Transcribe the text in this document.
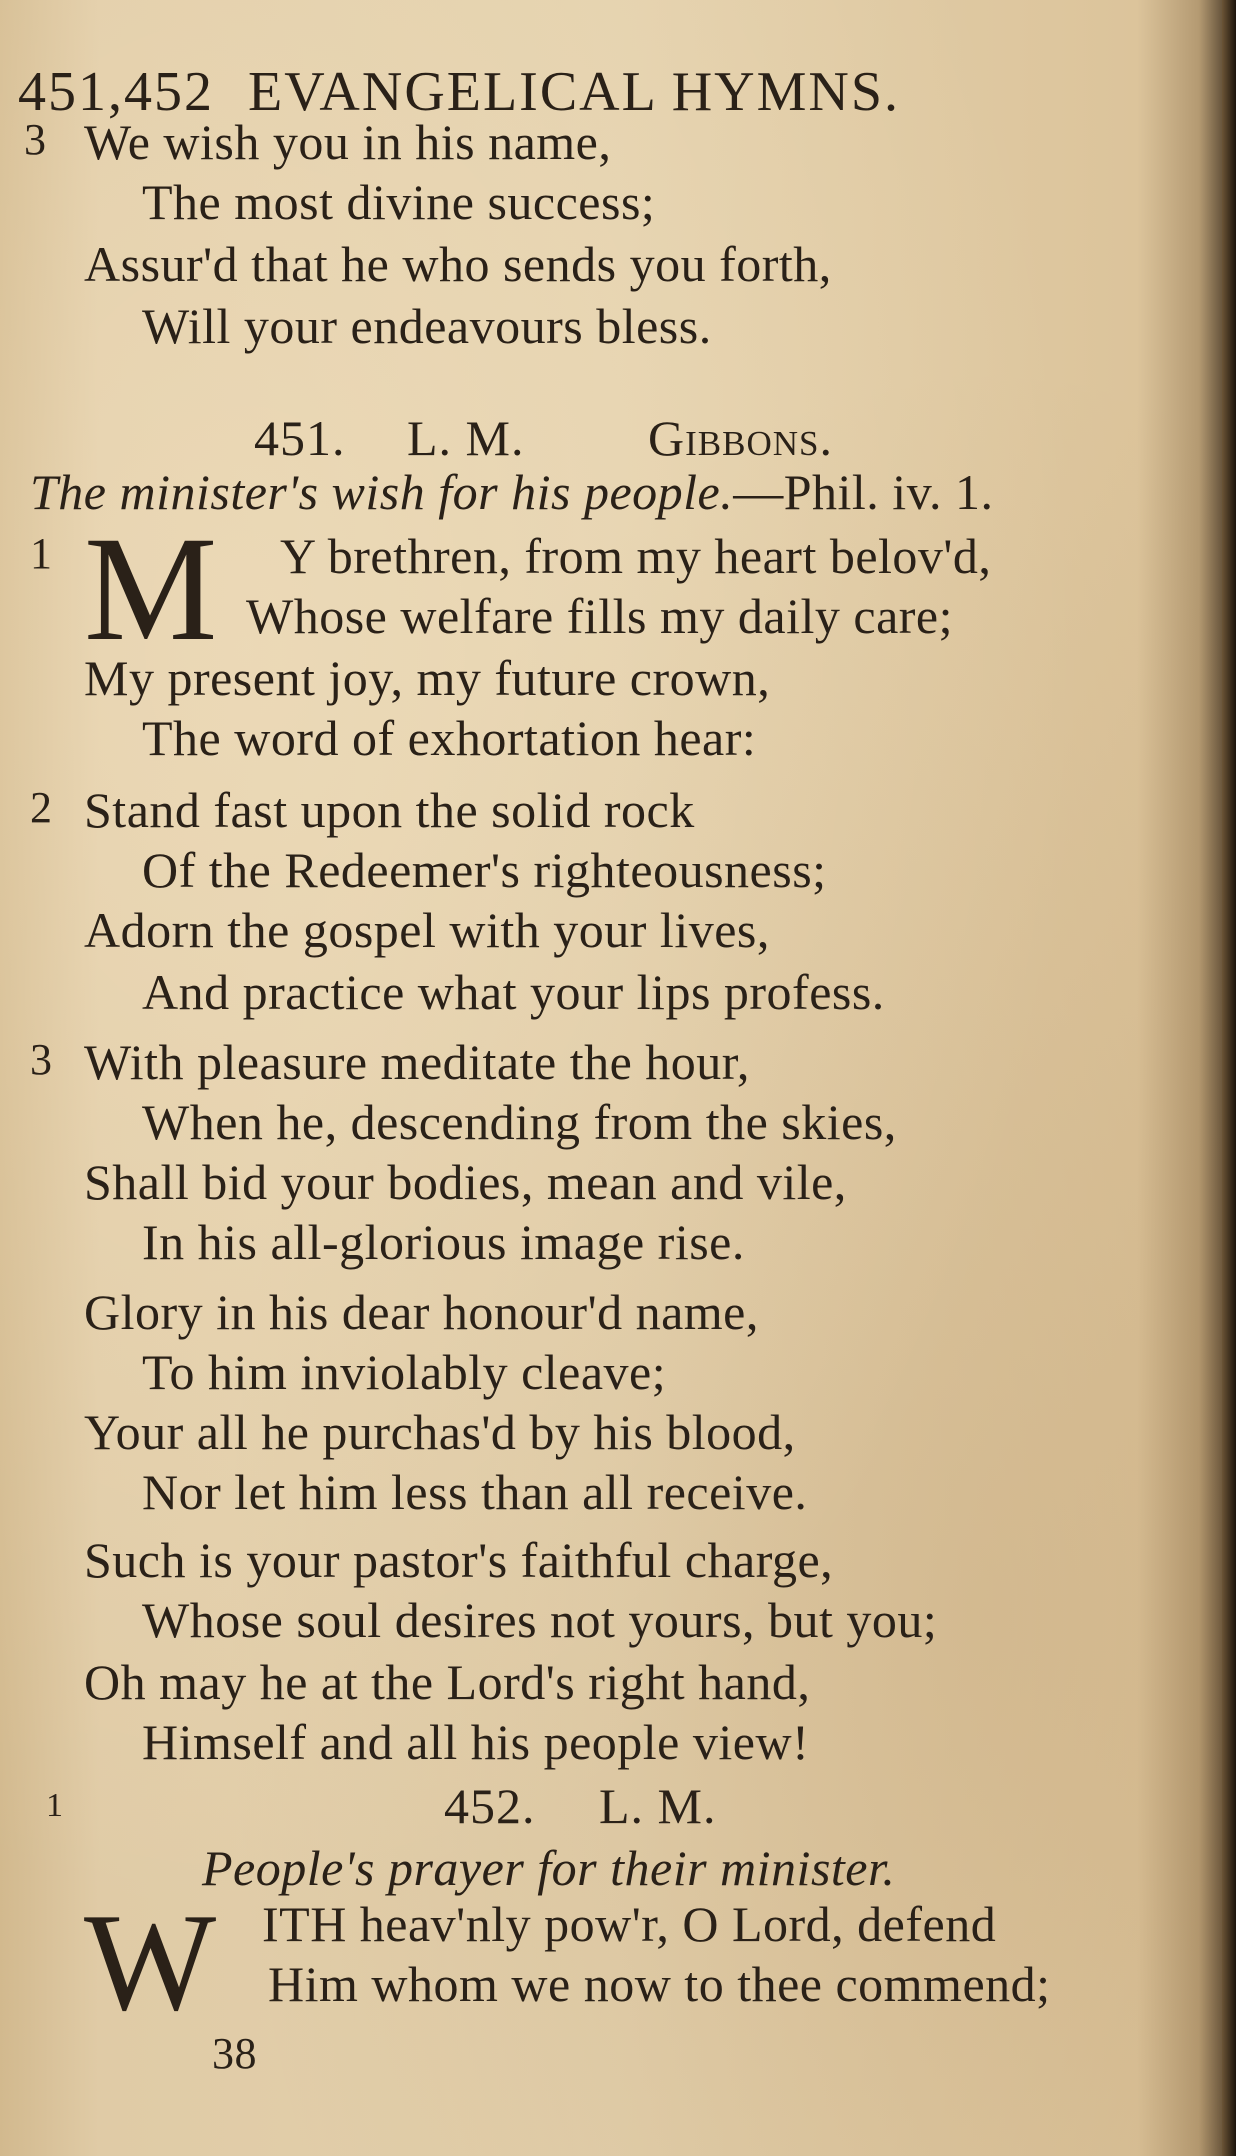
451,452 EVANGELICAL HYMNS.
3 We wish you in his name,
The most divine success;
Assur'd that he who sends you forth,
Will your endeavours bless.
451. L. M. Gibbons.
The minister's wish for his people.—Phil. iv. 1.
1 M Y brethren, from my heart belov'd,
Whose welfare fills my daily care;
My present joy, my future crown,
The word of exhortation hear:
2 Stand fast upon the solid rock
Of the Redeemer's righteousness;
Adorn the gospel with your lives,
And practice what your lips profess.
3 With pleasure meditate the hour,
When he, descending from the skies,
Shall bid your bodies, mean and vile,
In his all-glorious image rise.
Glory in his dear honour'd name,
To him inviolably cleave;
Your all he purchas'd by his blood,
Nor let him less than all receive.
Such is your pastor's faithful charge,
Whose soul desires not yours, but you;
Oh may he at the Lord's right hand,
Himself and all his people view!
1	452. L. M.
People's prayer for their minister.
W ITH heav'nly pow'r, O Lord, defend
Him whom we now to thee commend;
38
